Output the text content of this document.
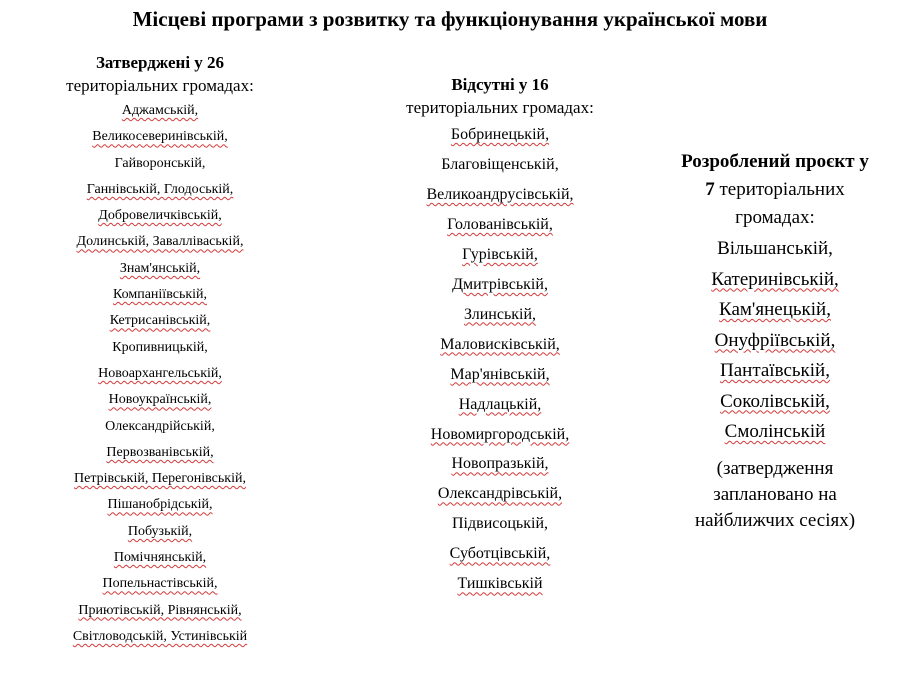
Місцеві програми з розвитку та функціонування української мови
Затверджені у 26
територіальних громадах:
Аджамській,
Великосеверинівській,
Гайворонській,
Ганнівській, Глодоській,
Добровеличківській,
Долинській, Завалліваській,
Знам'янській,
Компаніївській,
Кетрисанівській,
Кропивницькій,
Новоархангельській,
Новоукраїнській,
Олександрійській,
Первозванівській,
Петрівській, Перегонівській,
Пішанобрідській,
Побузькій,
Помічнянській,
Попельнастівській,
Приютівській, Рівнянській,
Світловодській, Устинівській
Відсутні у 16
територіальних громадах:
Бобринецькій,
Благовіщенській,
Великоандрусівській,
Голованівській,
Гурівській,
Дмитрівській,
Злинській,
Маловисківській,
Мар'янівській,
Надлацькій,
Новомиргородській,
Новопразькій,
Олександрівській,
Підвисоцькій,
Суботцівській,
Тишківській
Розроблений проєкт у
7 територіальних
громадах:
Вільшанській,
Катеринівській,
Кам'янецькій,
Онуфріївській,
Пантаївській,
Соколівській,
Смолінській
(затвердження
заплановано на
найближчих сесіях)
